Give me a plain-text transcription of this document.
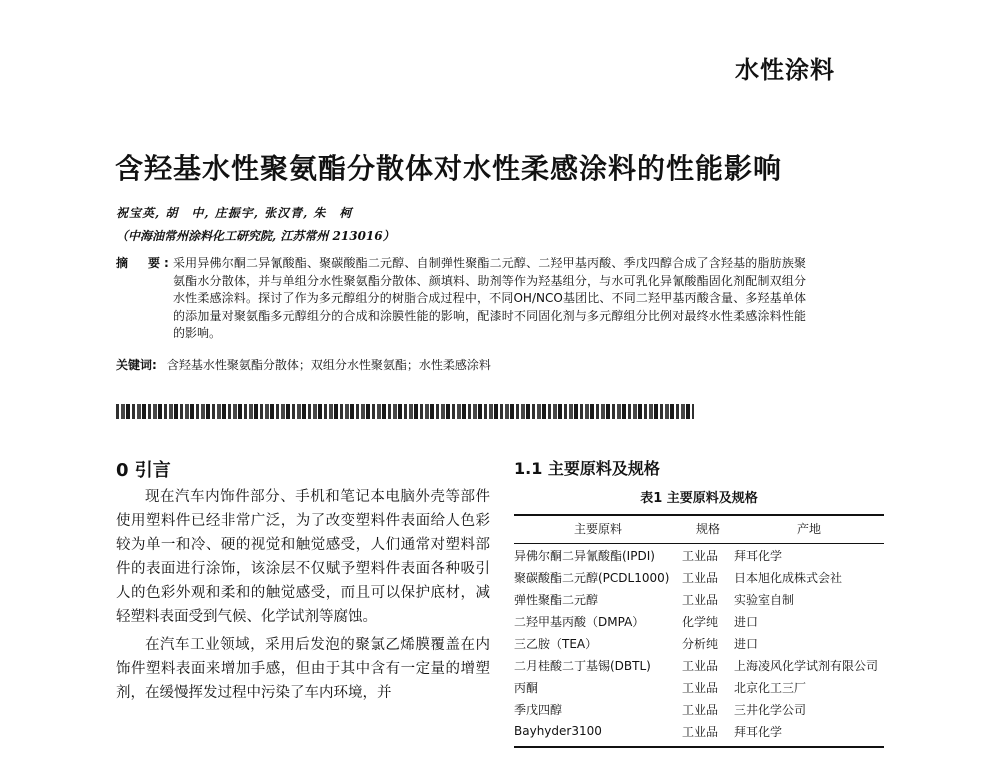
水性涂料
含羟基水性聚氨酯分散体对水性柔感涂料的性能影响
祝宝英, 胡　中, 庄振宇, 张汉青, 朱　柯
（中海油常州涂料化工研究院, 江苏常州 213016）
摘　要: 采用异佛尔酮二异氰酸酯、聚碳酸酯二元醇、自制弹性聚酯二元醇、二羟甲基丙酸、季戊四醇合成了含羟基的脂肪族聚氨酯水分散体，并与单组分水性聚氨酯分散体、颜填料、助剂等作为羟基组分，与水可乳化异氰酸酯固化剂配制双组分水性柔感涂料。探讨了作为多元醇组分的树脂合成过程中，不同OH/NCO基团比、不同二羟甲基丙酸含量、多羟基单体的添加量对聚氨酯多元醇组分的合成和涂膜性能的影响，配漆时不同固化剂与多元醇组分比例对最终水性柔感涂料性能的影响。
关键词: 含羟基水性聚氨酯分散体；双组分水性聚氨酯；水性柔感涂料
0 引言

现在汽车内饰件部分、手机和笔记本电脑外壳等部件使用塑料件已经非常广泛，为了改变塑料件表面给人色彩较为单一和冷、硬的视觉和触觉感受，人们通常对塑料部件的表面进行涂饰，该涂层不仅赋予塑料件表面各种吸引人的色彩外观和柔和的触觉感受，而且可以保护底材，减轻塑料表面受到气候、化学试剂等腐蚀。

在汽车工业领域，采用后发泡的聚氯乙烯膜覆盖在内饰件塑料表面来增加手感，但由于其中含有一定量的增塑剂，在缓慢挥发过程中污染了车内环境，并

1.1 主要原料及规格
表1 主要原料及规格
主要原料	规格	产地
异佛尔酮二异氰酸酯(IPDI)	工业品	拜耳化学
聚碳酸酯二元醇(PCDL1000)	工业品	日本旭化成株式会社
弹性聚酯二元醇	工业品	实验室自制
二羟甲基丙酸（DMPA）	化学纯	进口
三乙胺（TEA）	分析纯	进口
二月桂酸二丁基锡(DBTL)	工业品	上海凌风化学试剂有限公司
丙酮	工业品	北京化工三厂
季戊四醇	工业品	三井化学公司
Bayhyder3100	工业品	拜耳化学
